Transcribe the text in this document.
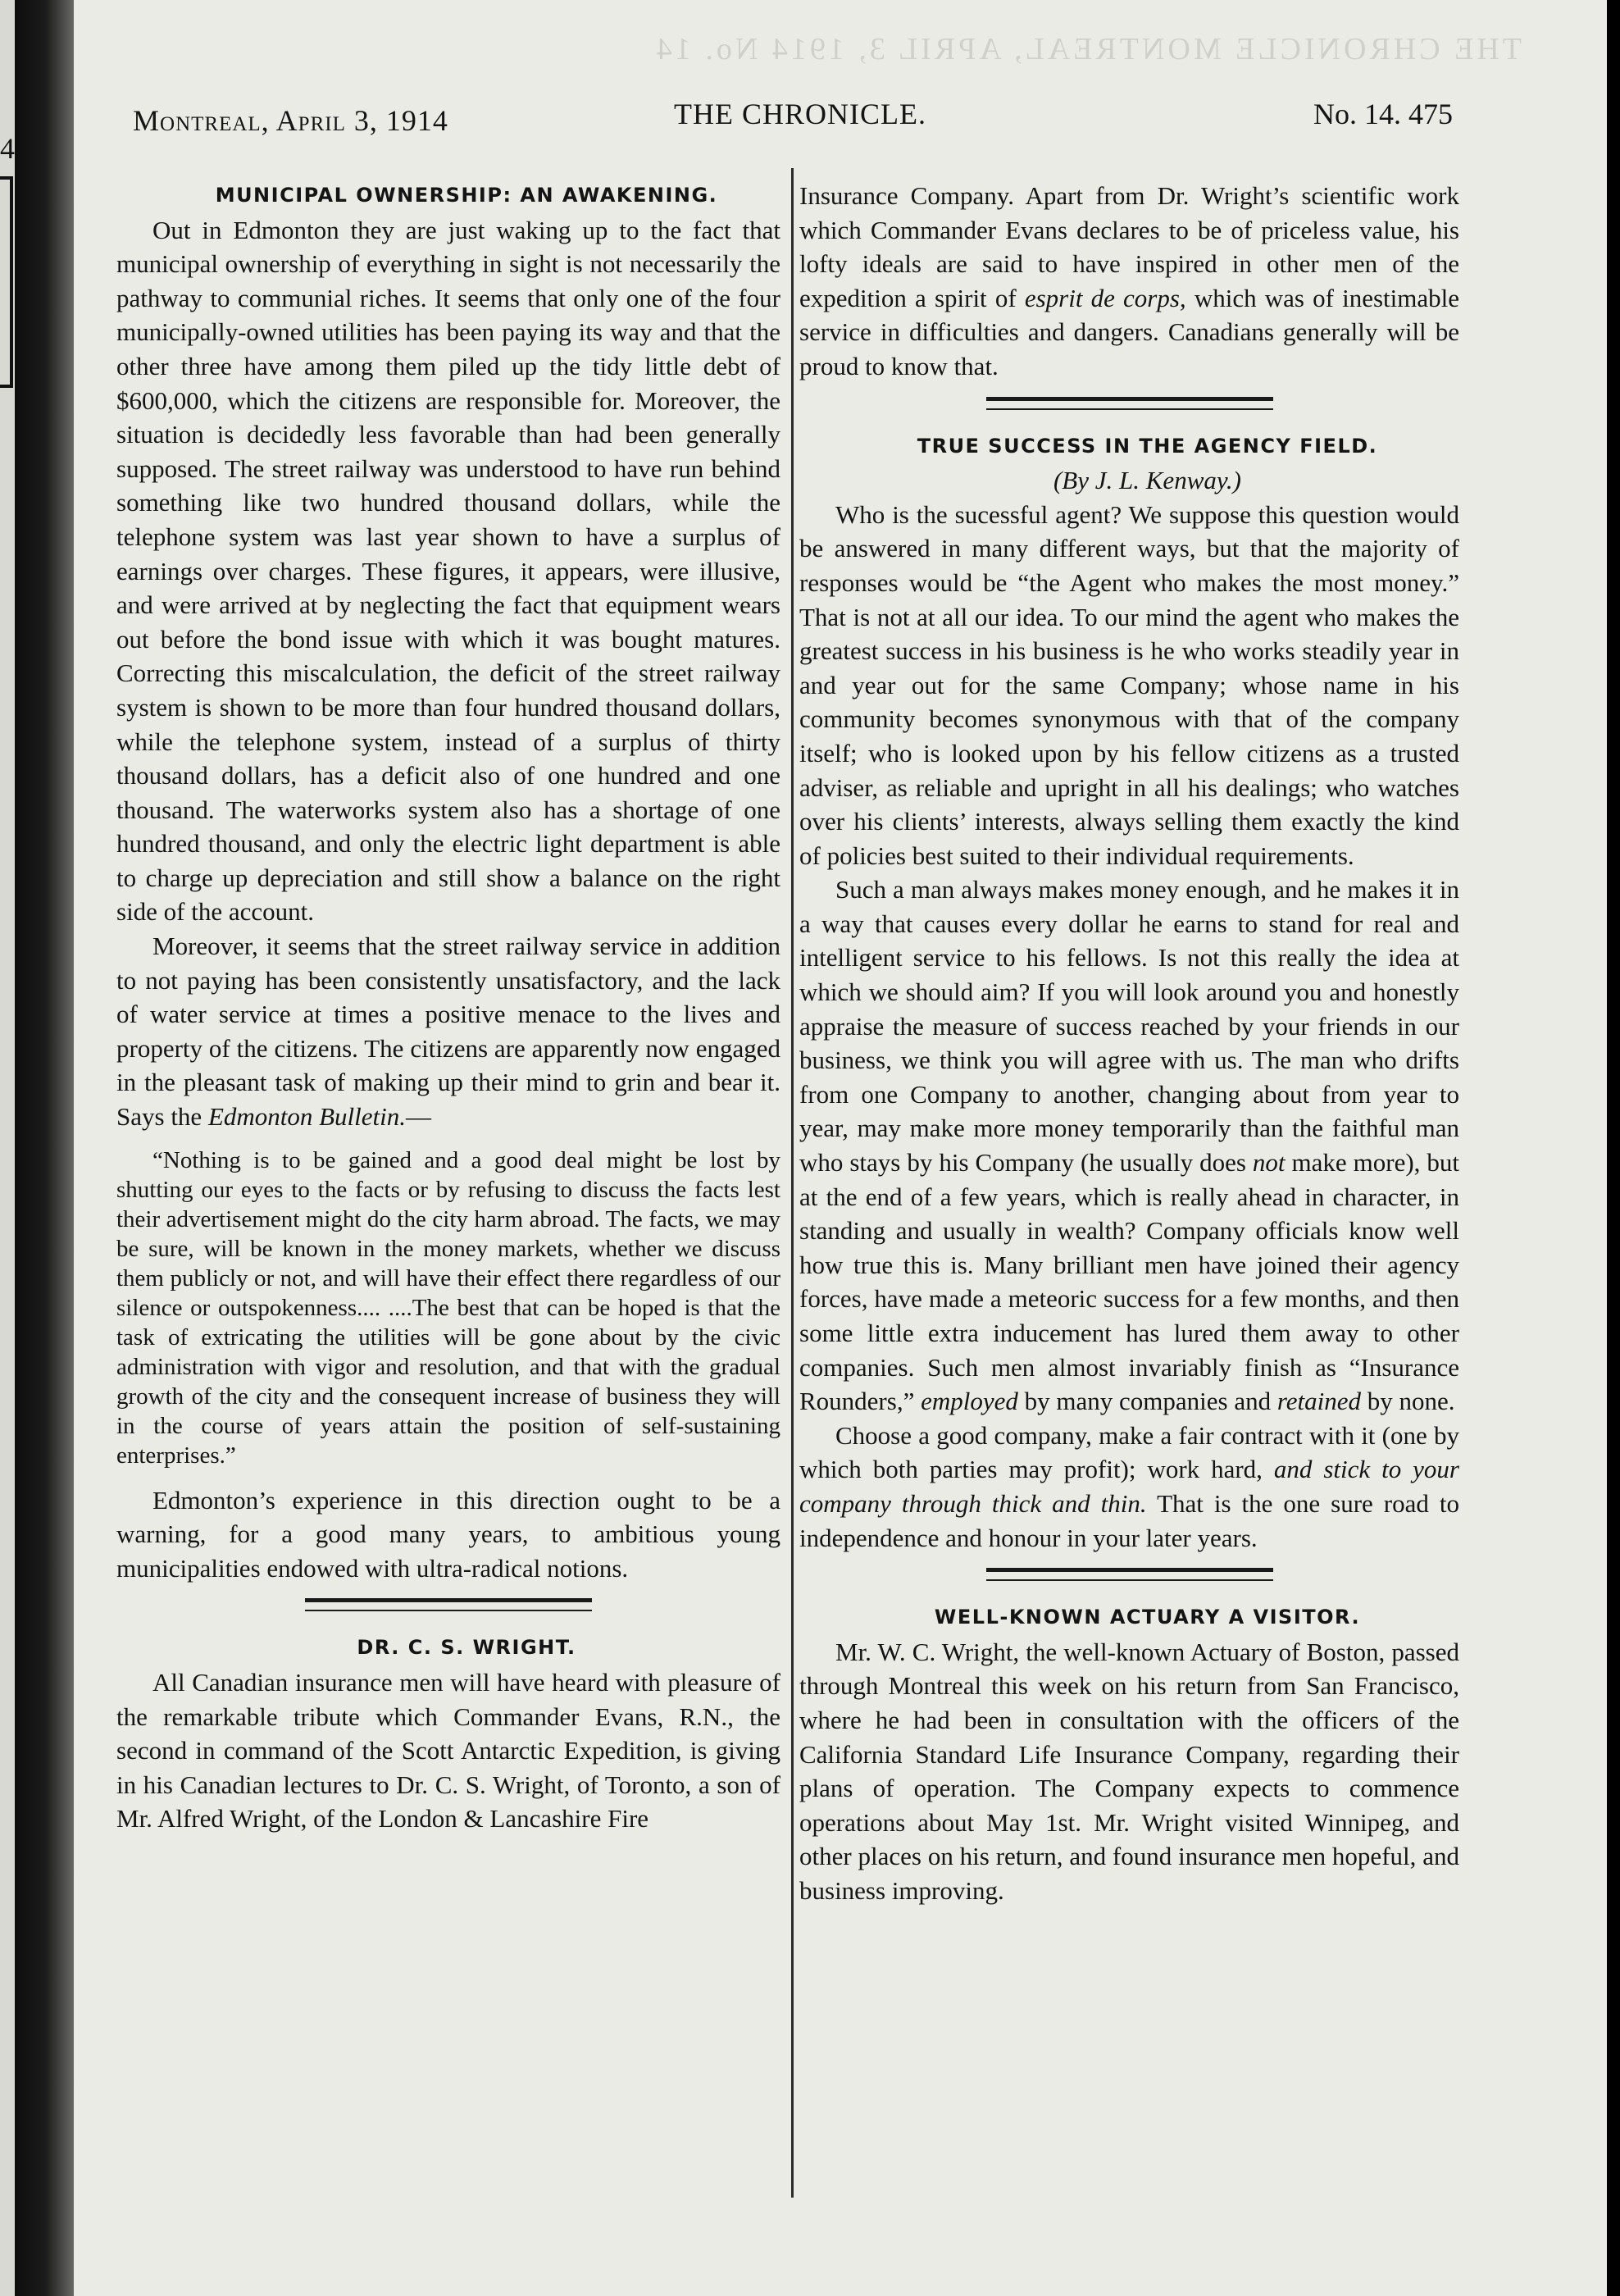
4
THE CHRONICLE MONTREAL, APRIL 3, 1914 No. 14
Montreal, April 3, 1914	THE CHRONICLE.	No. 14. 475

MUNICIPAL OWNERSHIP: AN AWAKENING.

Out in Edmonton they are just waking up to the fact that municipal ownership of everything in sight is not necessarily the pathway to communial riches. It seems that only one of the four municipally-owned utilities has been paying its way and that the other three have among them piled up the tidy little debt of $600,000, which the citizens are responsible for. Moreover, the situation is decidedly less favorable than had been generally supposed. The street railway was understood to have run behind something like two hundred thousand dollars, while the telephone system was last year shown to have a surplus of earnings over charges. These figures, it appears, were illusive, and were arrived at by neglecting the fact that equipment wears out before the bond issue with which it was bought matures. Correcting this miscalculation, the deficit of the street railway system is shown to be more than four hundred thousand dollars, while the telephone system, instead of a surplus of thirty thousand dollars, has a deficit also of one hundred and one thousand. The waterworks system also has a shortage of one hundred thousand, and only the electric light department is able to charge up depreciation and still show a balance on the right side of the account.

Moreover, it seems that the street railway service in addition to not paying has been consistently unsatisfactory, and the lack of water service at times a positive menace to the lives and property of the citizens. The citizens are apparently now engaged in the pleasant task of making up their mind to grin and bear it. Says the Edmonton Bulletin.—

“Nothing is to be gained and a good deal might be lost by shutting our eyes to the facts or by refusing to discuss the facts lest their advertisement might do the city harm abroad. The facts, we may be sure, will be known in the money markets, whether we discuss them publicly or not, and will have their effect there regardless of our silence or outspokenness.... ....The best that can be hoped is that the task of extricating the utilities will be gone about by the civic administration with vigor and resolution, and that with the gradual growth of the city and the consequent increase of business they will in the course of years attain the position of self-sustaining enterprises.”

Edmonton’s experience in this direction ought to be a warning, for a good many years, to ambitious young municipalities endowed with ultra-radical notions.

DR. C. S. WRIGHT.

All Canadian insurance men will have heard with pleasure of the remarkable tribute which Commander Evans, R.N., the second in command of the Scott Antarctic Expedition, is giving in his Canadian lectures to Dr. C. S. Wright, of Toronto, a son of Mr. Alfred Wright, of the London & Lancashire Fire

Insurance Company. Apart from Dr. Wright’s scientific work which Commander Evans declares to be of priceless value, his lofty ideals are said to have inspired in other men of the expedition a spirit of esprit de corps, which was of inestimable service in difficulties and dangers. Canadians generally will be proud to know that.

TRUE SUCCESS IN THE AGENCY FIELD.

(By J. L. Kenway.)

Who is the sucessful agent? We suppose this question would be answered in many different ways, but that the majority of responses would be “the Agent who makes the most money.” That is not at all our idea. To our mind the agent who makes the greatest success in his business is he who works steadily year in and year out for the same Company; whose name in his community becomes synonymous with that of the company itself; who is looked upon by his fellow citizens as a trusted adviser, as reliable and upright in all his dealings; who watches over his clients’ interests, always selling them exactly the kind of policies best suited to their individual requirements.

Such a man always makes money enough, and he makes it in a way that causes every dollar he earns to stand for real and intelligent service to his fellows. Is not this really the idea at which we should aim? If you will look around you and honestly appraise the measure of success reached by your friends in our business, we think you will agree with us. The man who drifts from one Company to another, changing about from year to year, may make more money temporarily than the faithful man who stays by his Company (he usually does not make more), but at the end of a few years, which is really ahead in character, in standing and usually in wealth? Company officials know well how true this is. Many brilliant men have joined their agency forces, have made a meteoric success for a few months, and then some little extra inducement has lured them away to other companies. Such men almost invariably finish as “Insurance Rounders,” employed by many companies and retained by none.

Choose a good company, make a fair contract with it (one by which both parties may profit); work hard, and stick to your company through thick and thin. That is the one sure road to independence and honour in your later years.

WELL-KNOWN ACTUARY A VISITOR.

Mr. W. C. Wright, the well-known Actuary of Boston, passed through Montreal this week on his return from San Francisco, where he had been in consultation with the officers of the California Standard Life Insurance Company, regarding their plans of operation. The Company expects to commence operations about May 1st. Mr. Wright visited Winnipeg, and other places on his return, and found insurance men hopeful, and business improving.
